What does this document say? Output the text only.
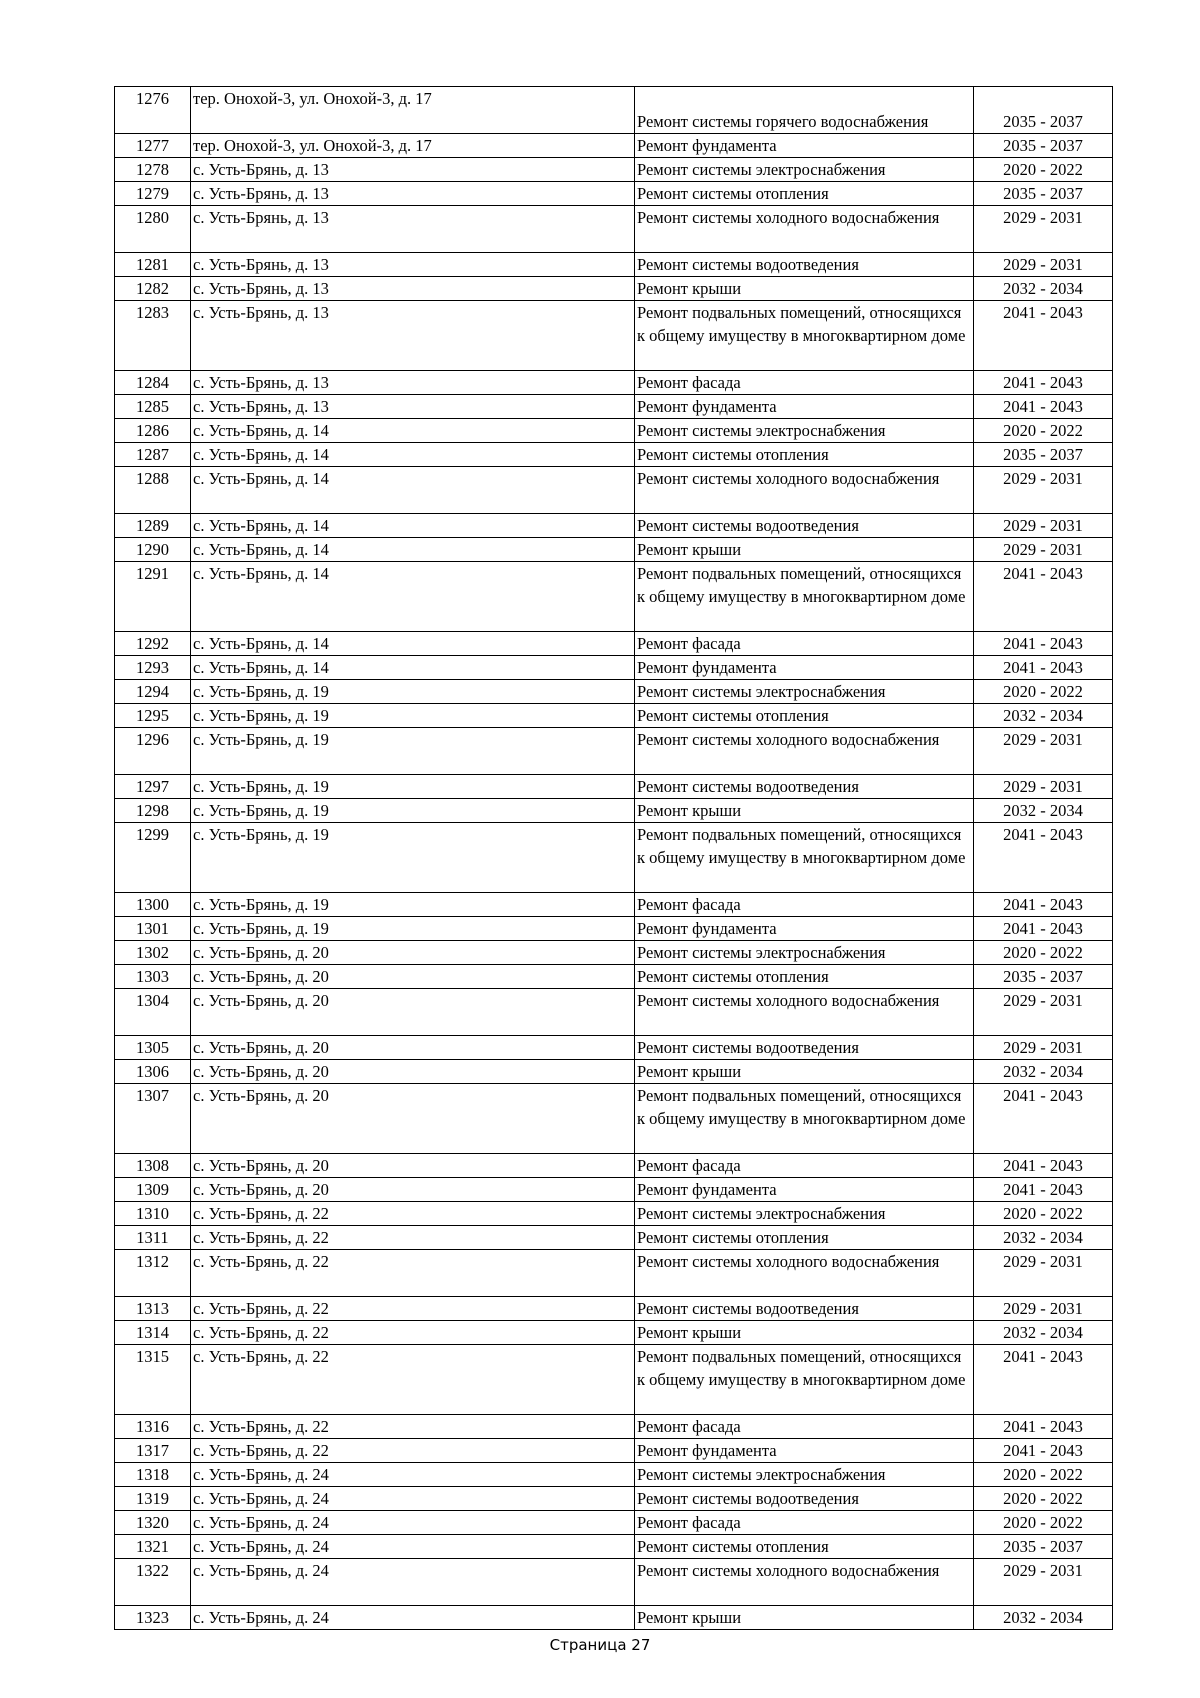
1276	тер. Онохой-3, ул. Онохой-3, д. 17	Ремонт системы горячего водоснабжения	2035 - 2037
1277	тер. Онохой-3, ул. Онохой-3, д. 17	Ремонт фундамента	2035 - 2037
1278	с. Усть-Брянь, д. 13	Ремонт системы электроснабжения	2020 - 2022
1279	с. Усть-Брянь, д. 13	Ремонт системы отопления	2035 - 2037
1280	с. Усть-Брянь, д. 13	Ремонт системы холодного водоснабжения	2029 - 2031
1281	с. Усть-Брянь, д. 13	Ремонт системы водоотведения	2029 - 2031
1282	с. Усть-Брянь, д. 13	Ремонт крыши	2032 - 2034
1283	с. Усть-Брянь, д. 13	Ремонт подвальных помещений, относящихся к общему имуществу в многоквартирном доме	2041 - 2043
1284	с. Усть-Брянь, д. 13	Ремонт фасада	2041 - 2043
1285	с. Усть-Брянь, д. 13	Ремонт фундамента	2041 - 2043
1286	с. Усть-Брянь, д. 14	Ремонт системы электроснабжения	2020 - 2022
1287	с. Усть-Брянь, д. 14	Ремонт системы отопления	2035 - 2037
1288	с. Усть-Брянь, д. 14	Ремонт системы холодного водоснабжения	2029 - 2031
1289	с. Усть-Брянь, д. 14	Ремонт системы водоотведения	2029 - 2031
1290	с. Усть-Брянь, д. 14	Ремонт крыши	2029 - 2031
1291	с. Усть-Брянь, д. 14	Ремонт подвальных помещений, относящихся к общему имуществу в многоквартирном доме	2041 - 2043
1292	с. Усть-Брянь, д. 14	Ремонт фасада	2041 - 2043
1293	с. Усть-Брянь, д. 14	Ремонт фундамента	2041 - 2043
1294	с. Усть-Брянь, д. 19	Ремонт системы электроснабжения	2020 - 2022
1295	с. Усть-Брянь, д. 19	Ремонт системы отопления	2032 - 2034
1296	с. Усть-Брянь, д. 19	Ремонт системы холодного водоснабжения	2029 - 2031
1297	с. Усть-Брянь, д. 19	Ремонт системы водоотведения	2029 - 2031
1298	с. Усть-Брянь, д. 19	Ремонт крыши	2032 - 2034
1299	с. Усть-Брянь, д. 19	Ремонт подвальных помещений, относящихся к общему имуществу в многоквартирном доме	2041 - 2043
1300	с. Усть-Брянь, д. 19	Ремонт фасада	2041 - 2043
1301	с. Усть-Брянь, д. 19	Ремонт фундамента	2041 - 2043
1302	с. Усть-Брянь, д. 20	Ремонт системы электроснабжения	2020 - 2022
1303	с. Усть-Брянь, д. 20	Ремонт системы отопления	2035 - 2037
1304	с. Усть-Брянь, д. 20	Ремонт системы холодного водоснабжения	2029 - 2031
1305	с. Усть-Брянь, д. 20	Ремонт системы водоотведения	2029 - 2031
1306	с. Усть-Брянь, д. 20	Ремонт крыши	2032 - 2034
1307	с. Усть-Брянь, д. 20	Ремонт подвальных помещений, относящихся к общему имуществу в многоквартирном доме	2041 - 2043
1308	с. Усть-Брянь, д. 20	Ремонт фасада	2041 - 2043
1309	с. Усть-Брянь, д. 20	Ремонт фундамента	2041 - 2043
1310	с. Усть-Брянь, д. 22	Ремонт системы электроснабжения	2020 - 2022
1311	с. Усть-Брянь, д. 22	Ремонт системы отопления	2032 - 2034
1312	с. Усть-Брянь, д. 22	Ремонт системы холодного водоснабжения	2029 - 2031
1313	с. Усть-Брянь, д. 22	Ремонт системы водоотведения	2029 - 2031
1314	с. Усть-Брянь, д. 22	Ремонт крыши	2032 - 2034
1315	с. Усть-Брянь, д. 22	Ремонт подвальных помещений, относящихся к общему имуществу в многоквартирном доме	2041 - 2043
1316	с. Усть-Брянь, д. 22	Ремонт фасада	2041 - 2043
1317	с. Усть-Брянь, д. 22	Ремонт фундамента	2041 - 2043
1318	с. Усть-Брянь, д. 24	Ремонт системы электроснабжения	2020 - 2022
1319	с. Усть-Брянь, д. 24	Ремонт системы водоотведения	2020 - 2022
1320	с. Усть-Брянь, д. 24	Ремонт фасада	2020 - 2022
1321	с. Усть-Брянь, д. 24	Ремонт системы отопления	2035 - 2037
1322	с. Усть-Брянь, д. 24	Ремонт системы холодного водоснабжения	2029 - 2031
1323	с. Усть-Брянь, д. 24	Ремонт крыши	2032 - 2034
Страница 27
